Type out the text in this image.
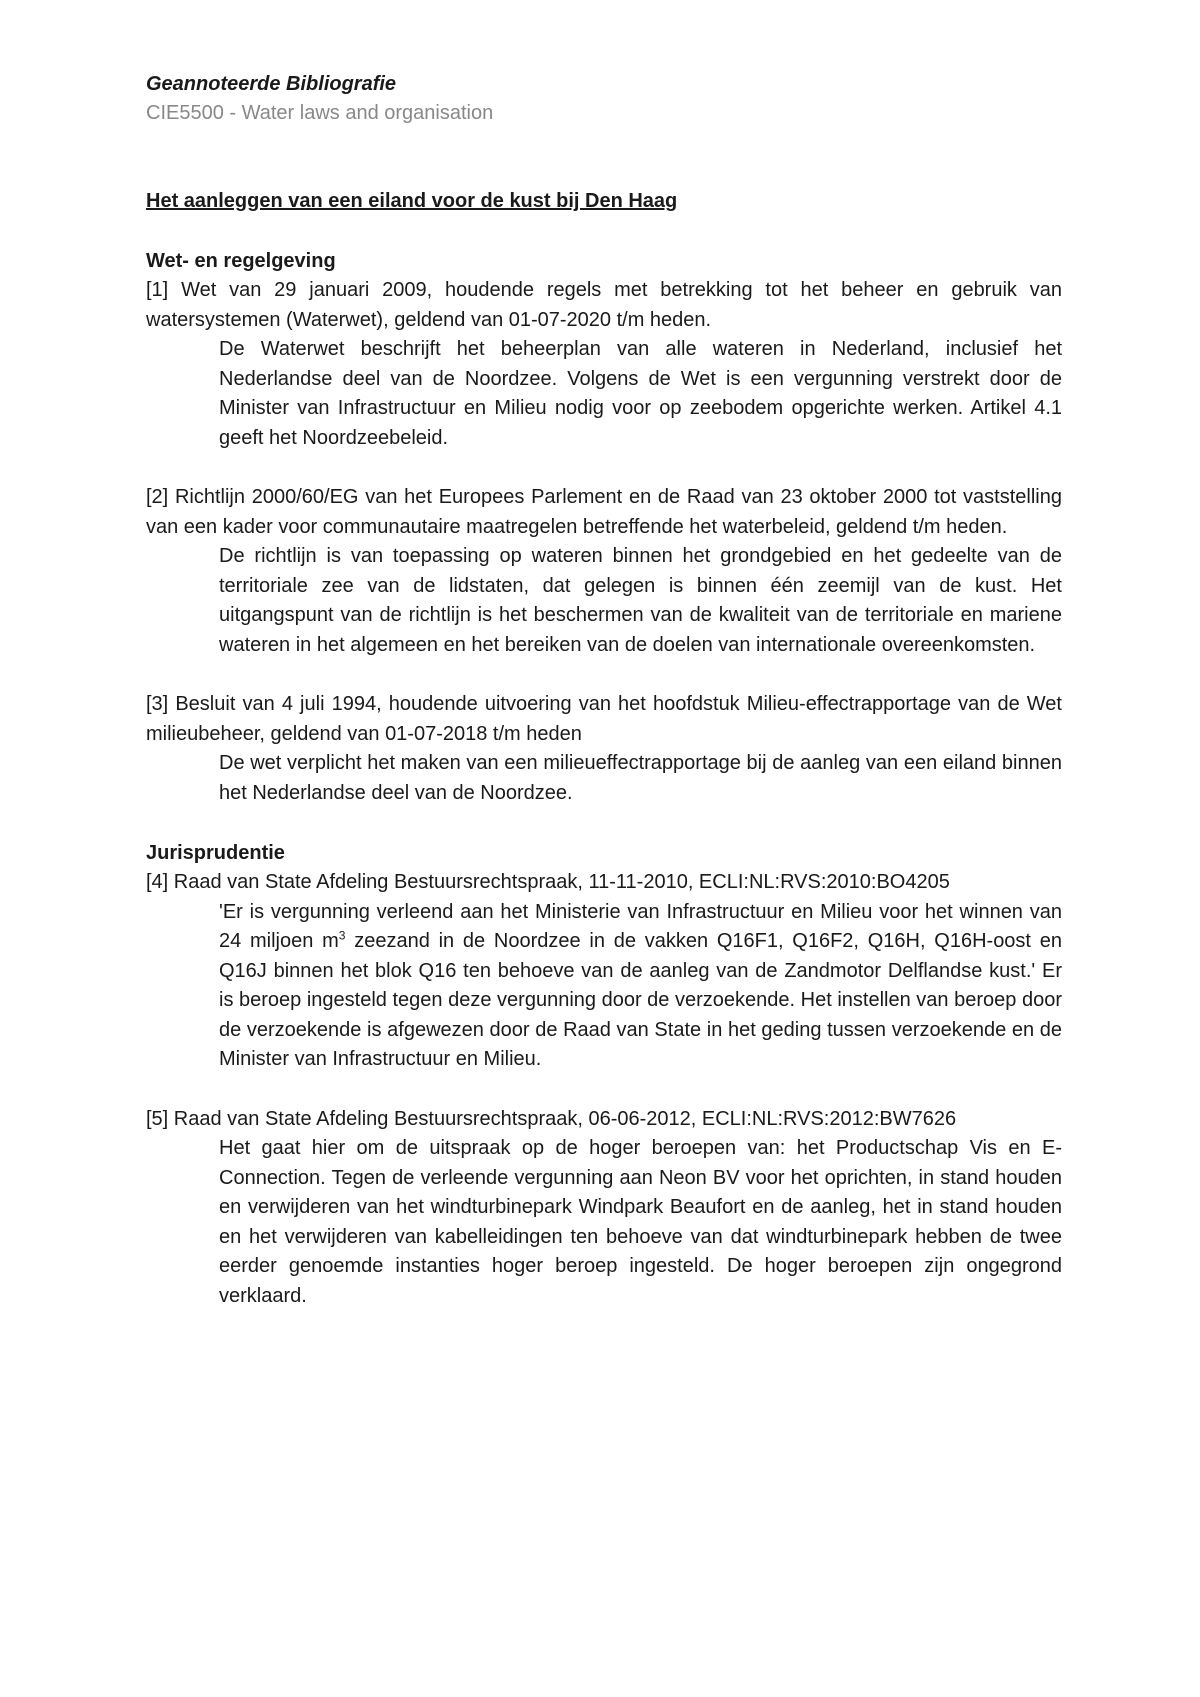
Geannoteerde Bibliografie

CIE5500 - Water laws and organisation

Het aanleggen van een eiland voor de kust bij Den Haag

Wet- en regelgeving

[1] Wet van 29 januari 2009, houdende regels met betrekking tot het beheer en gebruik van watersystemen (Waterwet), geldend van 01-07-2020 t/m heden.

De Waterwet beschrijft het beheerplan van alle wateren in Nederland, inclusief het Nederlandse deel van de Noordzee. Volgens de Wet is een vergunning verstrekt door de Minister van Infrastructuur en Milieu nodig voor op zeebodem opgerichte werken. Artikel 4.1 geeft het Noordzeebeleid.

[2] Richtlijn 2000/60/EG van het Europees Parlement en de Raad van 23 oktober 2000 tot vaststelling van een kader voor communautaire maatregelen betreffende het waterbeleid, geldend t/m heden.

De richtlijn is van toepassing op wateren binnen het grondgebied en het gedeelte van de territoriale zee van de lidstaten, dat gelegen is binnen één zeemijl van de kust. Het uitgangspunt van de richtlijn is het beschermen van de kwaliteit van de territoriale en mariene wateren in het algemeen en het bereiken van de doelen van internationale overeenkomsten.

[3] Besluit van 4 juli 1994, houdende uitvoering van het hoofdstuk Milieu-effectrapportage van de Wet milieubeheer, geldend van 01-07-2018 t/m heden

De wet verplicht het maken van een milieueffectrapportage bij de aanleg van een eiland binnen het Nederlandse deel van de Noordzee.

Jurisprudentie

[4] Raad van State Afdeling Bestuursrechtspraak, 11-11-2010, ECLI:NL:RVS:2010:BO4205

'Er is vergunning verleend aan het Ministerie van Infrastructuur en Milieu voor het winnen van 24 miljoen $m^3$ zeezand in de Noordzee in de vakken Q16F1, Q16F2, Q16H, Q16H-oost en Q16J binnen het blok Q16 ten behoeve van de aanleg van de Zandmotor Delflandse kust.' Er is beroep ingesteld tegen deze vergunning door de verzoekende. Het instellen van beroep door de verzoekende is afgewezen door de Raad van State in het geding tussen verzoekende en de Minister van Infrastructuur en Milieu.

[5] Raad van State Afdeling Bestuursrechtspraak, 06-06-2012, ECLI:NL:RVS:2012:BW7626

Het gaat hier om de uitspraak op de hoger beroepen van: het Productschap Vis en E-Connection. Tegen de verleende vergunning aan Neon BV voor het oprichten, in stand houden en verwijderen van het windturbinepark Windpark Beaufort en de aanleg, het in stand houden en het verwijderen van kabelleidingen ten behoeve van dat windturbinepark hebben de twee eerder genoemde instanties hoger beroep ingesteld. De hoger beroepen zijn ongegrond verklaard.
